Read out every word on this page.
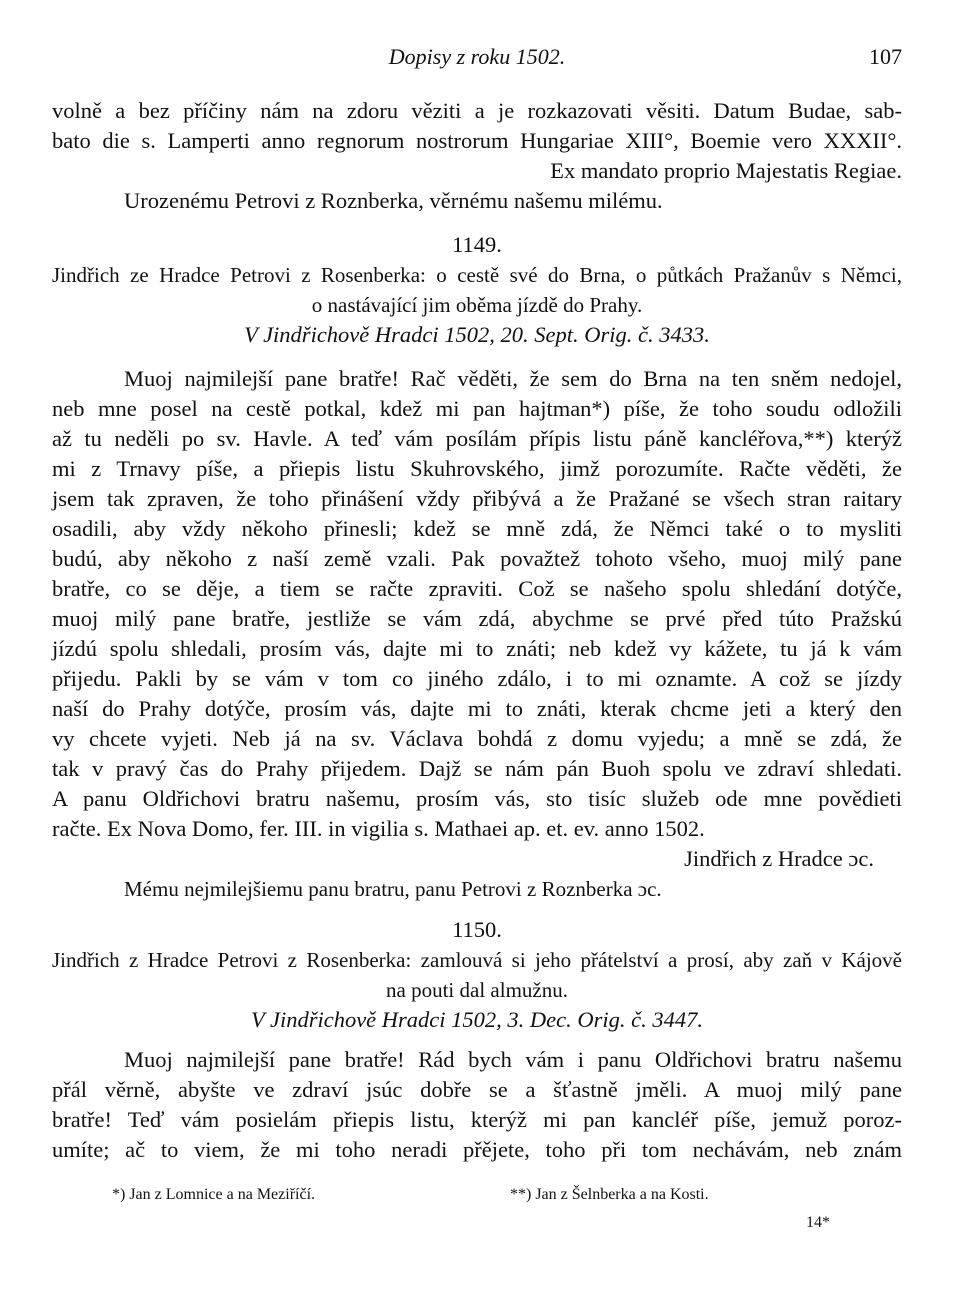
Dopisy z roku 1502.	107
volně a bez příčiny nám na zdoru věziti a je rozkazovati věsiti. Datum Budae, sab-
bato die s. Lamperti anno regnorum nostrorum Hungariae XIII°, Boemie vero XXXII°.
Ex mandato proprio Majestatis Regiae.
Urozenému Petrovi z Roznberka, věrnému našemu milému.
1149.
Jindřich ze Hradce Petrovi z Rosenberka: o cestě své do Brna, o půtkách Pražanův s Němci,
o nastávající jim oběma jízdě do Prahy.
V Jindřichově Hradci 1502, 20. Sept. Orig. č. 3433.
Muoj najmilejší pane bratře! Rač věděti, že sem do Brna na ten sněm nedojel,
neb mne posel na cestě potkal, kdež mi pan hajtman*) píše, že toho soudu odložili
až tu neděli po sv. Havle. A teď vám posílám přípis listu páně kancléřova,**) kterýž
mi z Trnavy píše, a přiepis listu Skuhrovského, jimž porozumíte. Račte věděti, že
jsem tak zpraven, že toho přinášení vždy přibývá a že Pražané se všech stran raitary
osadili, aby vždy někoho přinesli; kdež se mně zdá, že Němci také o to mysliti
budú, aby někoho z naší země vzali. Pak považtež tohoto všeho, muoj milý pane
bratře, co se děje, a tiem se račte zpraviti. Což se našeho spolu shledání dotýče,
muoj milý pane bratře, jestliže se vám zdá, abychme se prvé před túto Pražskú
jízdú spolu shledali, prosím vás, dajte mi to znáti; neb kdež vy kážete, tu já k vám
přijedu. Pakli by se vám v tom co jiného zdálo, i to mi oznamte. A což se jízdy
naší do Prahy dotýče, prosím vás, dajte mi to znáti, kterak chcme jeti a který den
vy chcete vyjeti. Neb já na sv. Václava bohdá z domu vyjedu; a mně se zdá, že
tak v pravý čas do Prahy přijedem. Dajž se nám pán Buoh spolu ve zdraví shledati.
A panu Oldřichovi bratru našemu, prosím vás, sto tisíc služeb ode mne povědieti
račte. Ex Nova Domo, fer. III. in vigilia s. Mathaei ap. et. ev. anno 1502.
Jindřich z Hradce ɔc.
Mému nejmilejšiemu panu bratru, panu Petrovi z Roznberka ɔc.
1150.
Jindřich z Hradce Petrovi z Rosenberka: zamlouvá si jeho přátelství a prosí, aby zaň v Kájově
na pouti dal almužnu.
V Jindřichově Hradci 1502, 3. Dec. Orig. č. 3447.
Muoj najmilejší pane bratře! Rád bych vám i panu Oldřichovi bratru našemu
přál věrně, abyšte ve zdraví jsúc dobře se a šťastně jměli. A muoj milý pane
bratře! Teď vám posielám přiepis listu, kterýž mi pan kancléř píše, jemuž poroz-
umíte; ač to viem, že mi toho neradi přějete, toho při tom nechávám, neb znám
*) Jan z Lomnice a na Meziříčí.	**) Jan z Šelnberka a na Kosti.
14*
